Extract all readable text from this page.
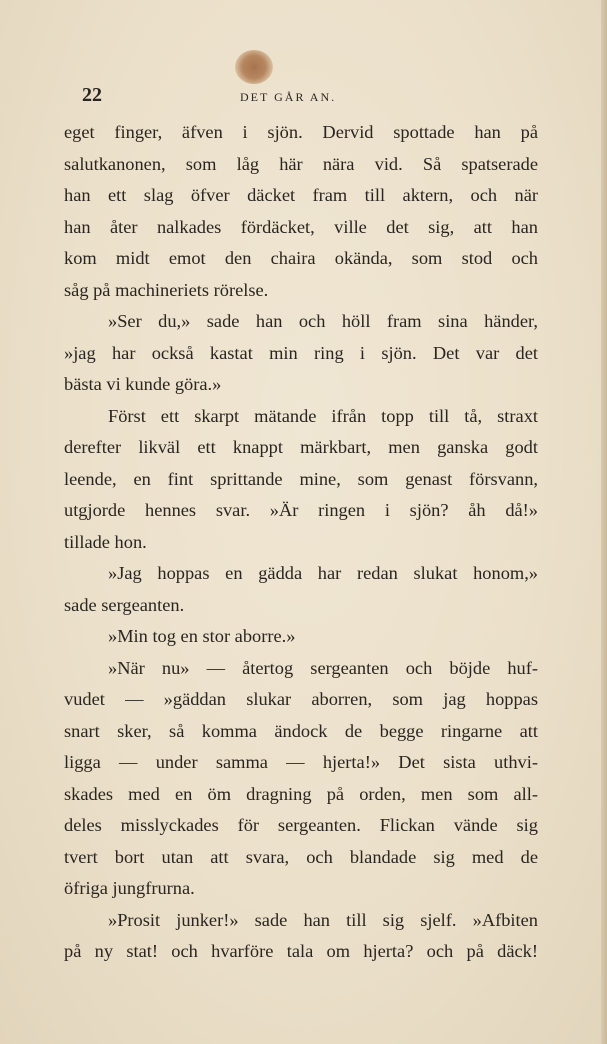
22	DET GÅR AN.
eget finger, äfven i sjön. Dervid spottade han på
salutkanonen, som låg här nära vid. Så spatserade
han ett slag öfver däcket fram till aktern, och när
han åter nalkades fördäcket, ville det sig, att han
kom midt emot den chaira okända, som stod och
såg på machineriets rörelse.
»Ser du,» sade han och höll fram sina händer,
»jag har också kastat min ring i sjön. Det var det
bästa vi kunde göra.»
Först ett skarpt mätande ifrån topp till tå, straxt
derefter likväl ett knappt märkbart, men ganska godt
leende, en fint sprittande mine, som genast försvann,
utgjorde hennes svar. »Är ringen i sjön? åh då!»
tillade hon.
»Jag hoppas en gädda har redan slukat honom,»
sade sergeanten.
»Min tog en stor aborre.»
»När nu» — återtog sergeanten och böjde huf-
vudet — »gäddan slukar aborren, som jag hoppas
snart sker, så komma ändock de begge ringarne att
ligga — under samma — hjerta!» Det sista uthvi-
skades med en öm dragning på orden, men som all-
deles misslyckades för sergeanten. Flickan vände sig
tvert bort utan att svara, och blandade sig med de
öfriga jungfrurna.
»Prosit junker!» sade han till sig sjelf. »Afbiten
på ny stat! och hvarföre tala om hjerta? och på däck!
